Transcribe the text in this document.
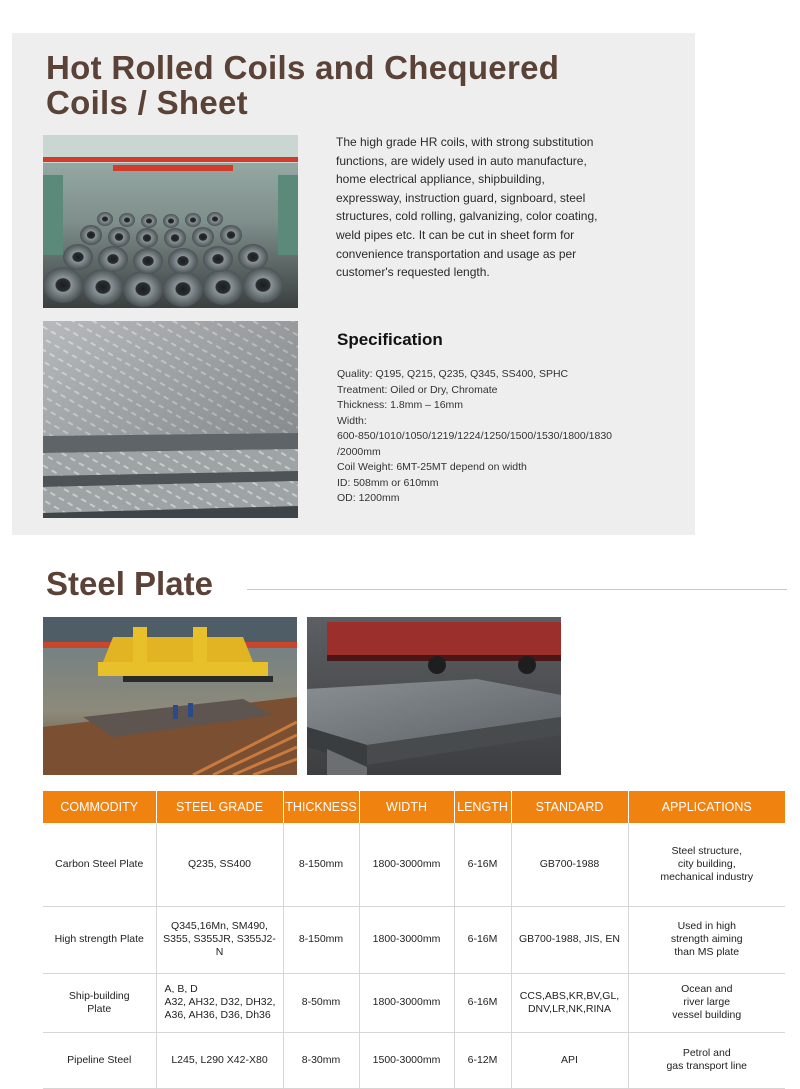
Hot Rolled Coils and Chequered
Coils / Sheet

The high grade HR coils, with strong substitution functions, are widely used in auto manufacture, home electrical appliance, shipbuilding, expressway, instruction guard, signboard, steel structures, cold rolling, galvanizing, color coating, weld pipes etc. It can be cut in sheet form for convenience transportation and usage as per customer's requested length.

Specification
Quality: Q195, Q215, Q235, Q345, SS400, SPHC
Treatment: Oiled or Dry, Chromate
Thickness: 1.8mm – 16mm
Width:
600-850/1010/1050/1219/1224/1250/1500/1530/1800/1830
/2000mm
Coil Weight: 6MT-25MT depend on width
ID: 508mm or 610mm
OD: 1200mm
Steel Plate
COMMODITY	STEEL GRADE	THICKNESS	WIDTH	LENGTH	STANDARD	APPLICATIONS
Carbon Steel Plate	Q235, SS400	8-150mm	1800-3000mm	6-16M	GB700-1988	Steel structure,
city building,
mechanical industry
High strength Plate	Q345,16Mn, SM490,
S355, S355JR, S355J2-N	8-150mm	1800-3000mm	6-16M	GB700-1988, JIS, EN	Used in high
strength aiming
than MS plate
Ship-building
Plate	A, B, D
A32, AH32, D32, DH32,
A36, AH36, D36, Dh36	8-50mm	1800-3000mm	6-16M	CCS,ABS,KR,BV,GL,
DNV,LR,NK,RINA	Ocean and
river large
vessel building
Pipeline Steel	L245, L290 X42-X80	8-30mm	1500-3000mm	6-12M	API	Petrol and
gas transport line
